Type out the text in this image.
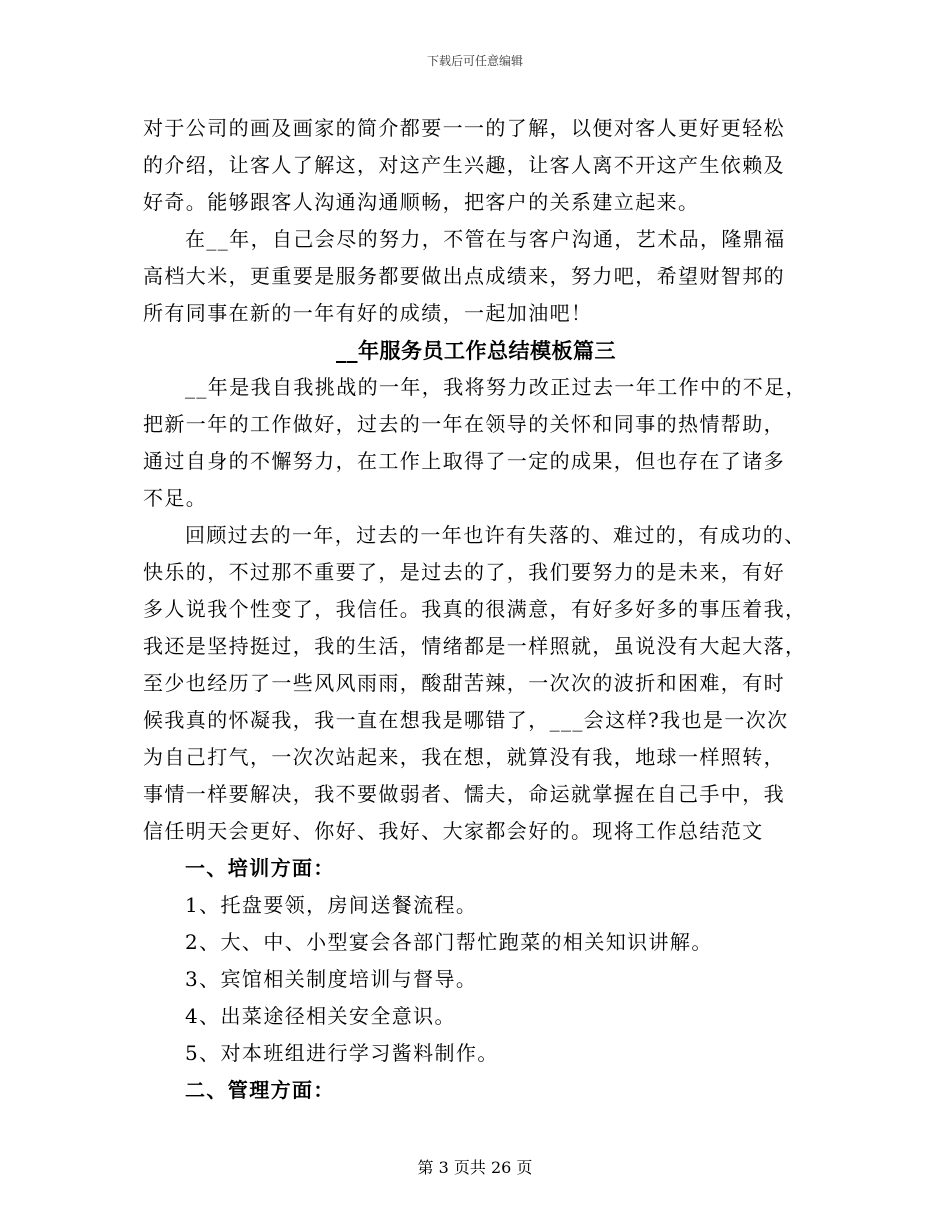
下载后可任意编辑
对于公司的画及画家的简介都要一一的了解，以便对客人更好更轻松
的介绍，让客人了解这，对这产生兴趣，让客人离不开这产生依赖及
好奇。能够跟客人沟通沟通顺畅，把客户的关系建立起来。
在__年，自己会尽的努力，不管在与客户沟通，艺术品，隆鼎福
高档大米，更重要是服务都要做出点成绩来，努力吧，希望财智邦的
所有同事在新的一年有好的成绩，一起加油吧！
__年服务员工作总结模板篇三
__年是我自我挑战的一年，我将努力改正过去一年工作中的不足，
把新一年的工作做好，过去的一年在领导的关怀和同事的热情帮助，
通过自身的不懈努力，在工作上取得了一定的成果，但也存在了诸多
不足。
回顾过去的一年，过去的一年也许有失落的、难过的，有成功的、
快乐的，不过那不重要了，是过去的了，我们要努力的是未来，有好
多人说我个性变了，我信任。我真的很满意，有好多好多的事压着我，
我还是坚持挺过，我的生活，情绪都是一样照就，虽说没有大起大落，
至少也经历了一些风风雨雨，酸甜苦辣，一次次的波折和困难，有时
候我真的怀凝我，我一直在想我是哪错了，___会这样?我也是一次次
为自己打气，一次次站起来，我在想，就算没有我，地球一样照转，
事情一样要解决，我不要做弱者、懦夫，命运就掌握在自己手中，我
信任明天会更好、你好、我好、大家都会好的。现将工作总结范文
一、培训方面：
1、托盘要领，房间送餐流程。
2、大、中、小型宴会各部门帮忙跑菜的相关知识讲解。
3、宾馆相关制度培训与督导。
4、出菜途径相关安全意识。
5、对本班组进行学习酱料制作。
二、管理方面：
第 3 页共 26 页
